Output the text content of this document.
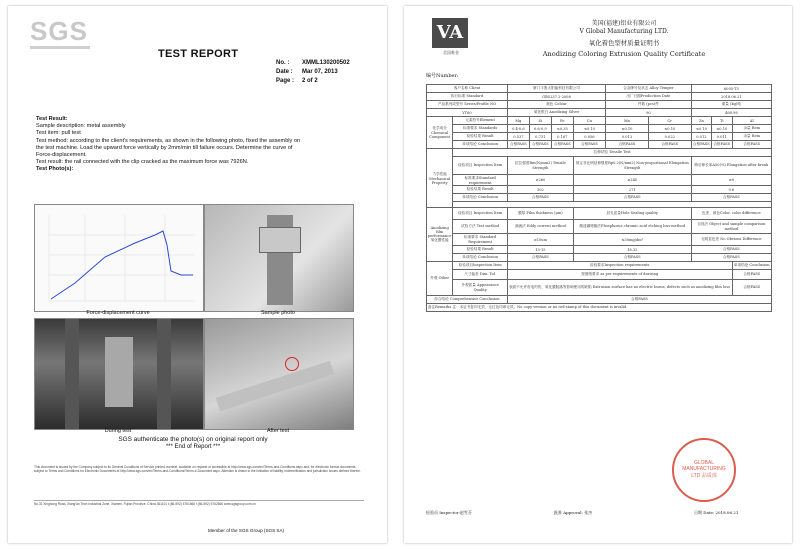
SGS
TEST REPORT
No. : XMML130200502
Date : Mar 07, 2013
Page : 2 of 2
Test Result:
Sample description: metal assembly
Test item: pull test
Test method: according to the client's requirements, as shown in the following photo, fixed the assembly on
the test machine. Load the upward force vertically by 2mm/min till failure occurs. Determine the curve of
Force-displacement.
Test result: the rail connected with the clip cracked as the maximum force was 7926N.
Test Photo(s):
Force-displacement curve	Sample photo
During test	After test
SGS authenticate the photo(s) on original report only
*** End of Report ***
This document is issued by the Company subject to its General Conditions of Service printed overleaf, available on request or accessible at http://www.sgs.com/en/Terms-and-Conditions.aspx and, for electronic format documents, subject to Terms and Conditions for Electronic Documents at http://www.sgs.com/en/Terms-and-Conditions/Terms-e-Document.aspx. Attention is drawn to the limitation of liability, indemnification and jurisdiction issues defined therein.
No.31 Xinghong Road, Xiang'An Tech Industrial Zone, Xiamen, Fujian Province, China 361101 t (86-592) 5761666 f (86-592) 5762666 www.sgsgroup.com.cn
Member of the SGS Group (SGS SA)
VA
美国唯金
美国(福建)铝业有限公司
V Global Manufacturing LTD.
氧化着色型材质量证明书
Anodizing Coloring Extrusion Quality Certificate
编号Number:
客户名称 Client		厦门宇胜太阳能科技有限公司				合金牌号及状态 Alloy Temper		6005-T5		
执行标准 Standard		GB5237.2-2008				出厂日期Production Date		2018.06.21		
产品系列或型号 Series/Profile NO		颜色 Colour				件数 (pcs)件		重量 (kg)吨		
YT60		氧化银白 Anodizing Silver				90		468.98		
化学成分 Chemical Component	元素符号Element	Mg	Si	Fe	Cu	Mn	Cr	Zn	Ti	Al
	标准要求 Standards	0.4-0.6	0.6-0.9	≤0.35	≤0.10	≤0.10	≤0.10	≤0.10	≤0.10	余量 Rem
	检验结果 Result	0.537	0.731	0.167	0.056	0.013	0.022	0.012	0.011	余量 Rem
	单项结论 Conclusion	合格PASS	合格PASS	合格PASS	合格PASS	合格PASS	合格PASS	合格PASS	合格PASS	合格PASS
力学性能 Mechanical Property	拉伸试验 Tensile Test									
	检验项目 Inspection Item	抗拉强度Rm(N/mm2) Tensile Strength			规定非比例延伸强度Rp0.2(N/mm2) Non-proportional Elongation Strength			断后伸长率A50(%) Elongation after break		
	标准要求Standard requirement	≥260			≥240			≥8		
	检验结果 Result	302			271			9.6		
	单项结论 Conclusion	合格PASS			合格PASS			合格PASS		

Anodizing film performance 氧化膜性能	检验项目 Inspection Item	膜厚 Film thickness (μm)			封孔质量Hole Sealing quality			色差、颜色Color, color difference		
	试验方法 Test method	涡流法 Eddy current method			酸浸磷铬酸法Phosphorus chromic acid etching loss-method			目视法 Object and sample comparison method		
	标准要求 Standard Requirement	≥10um			≤30mg/dm²			无明显色差 No Obvious Difference		
	检验结果 Result	13-15			18.32			合格PASS		
	单项结论 Conclusion	合格PASS			合格PASS			合格PASS		
外观 Other	检验项目Inspection Item	检验要求Inspection requirements								单项结论 Conclusion
	尺寸偏差 Dim. Tol.	按图纸要求 as per requirements of drawing								合格PASS
	外观质量 Appearance Quality	表面不允许有电灼伤、氧化膜脱落等影响使用的缺陷 Extrusion surface has no electric burns, defects such as anodizing film loss								合格PASS
综合结论 Comprehensive Conclusion		合格PASS								
备注Remarks 注：本证书复印无效，无红色印章无效。No copy version or no red-stamp of this document is invalid.										
检验员 Inspector:赵雪芬	批准 Approval: 张杰	日期 Date: 2018.06.21
GLOBAL MANUFACTURING LTD 品质部
